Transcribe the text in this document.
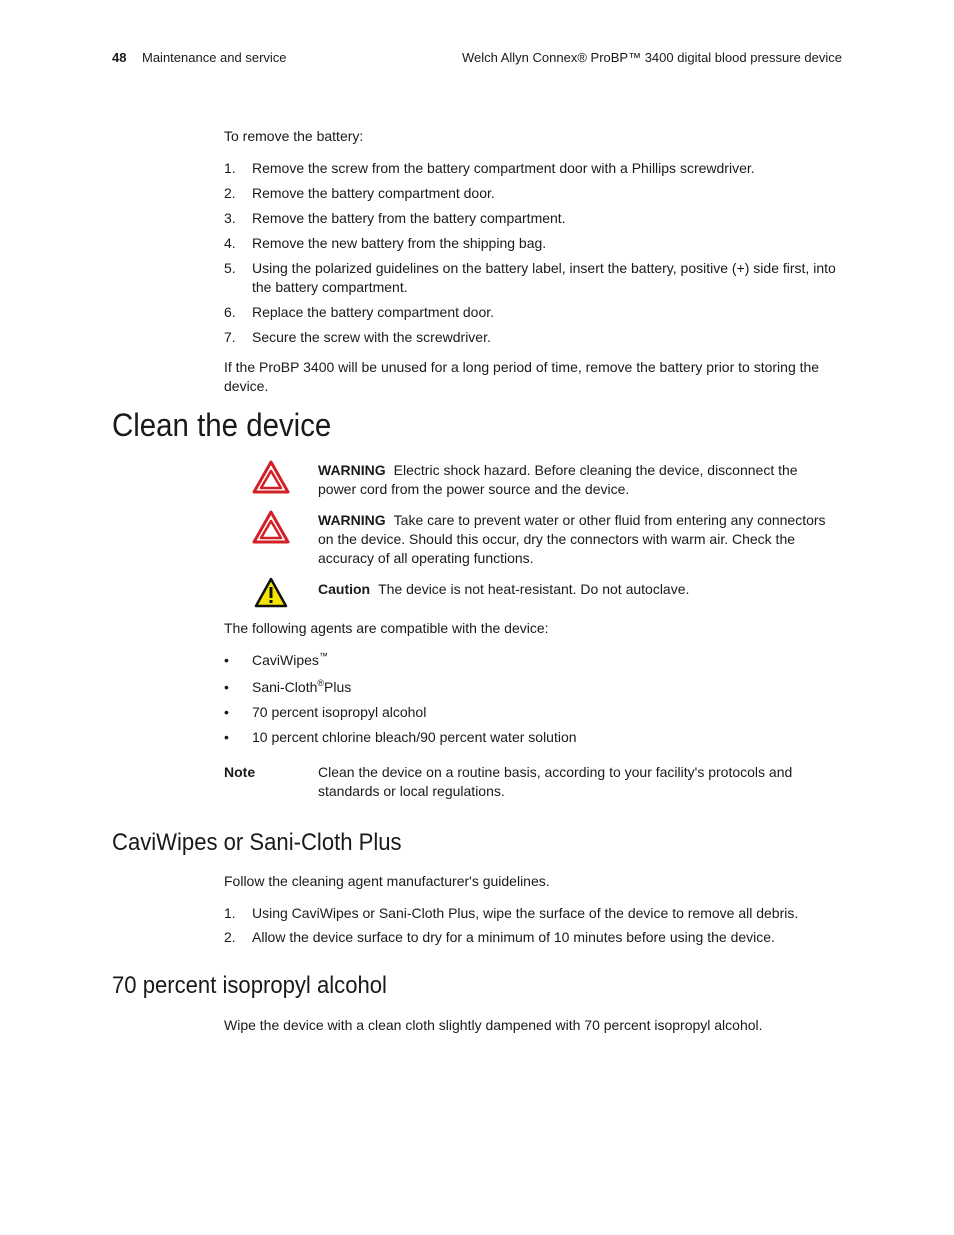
48 Maintenance and service	Welch Allyn Connex® ProBP™ 3400 digital blood pressure device
To remove the battery:
1. Remove the screw from the battery compartment door with a Phillips screwdriver.
2. Remove the battery compartment door.
3. Remove the battery from the battery compartment.
4. Remove the new battery from the shipping bag.
5. Using the polarized guidelines on the battery label, insert the battery, positive (+) side first, into the battery compartment.
6. Replace the battery compartment door.
7. Secure the screw with the screwdriver.
If the ProBP 3400 will be unused for a long period of time, remove the battery prior to storing the device.
Clean the device
WARNING Electric shock hazard. Before cleaning the device, disconnect the power cord from the power source and the device.
WARNING Take care to prevent water or other fluid from entering any connectors on the device. Should this occur, dry the connectors with warm air. Check the accuracy of all operating functions.
Caution The device is not heat-resistant. Do not autoclave.
The following agents are compatible with the device:
• CaviWipes™
• Sani-Cloth®Plus
• 70 percent isopropyl alcohol
• 10 percent chlorine bleach/90 percent water solution
Note	Clean the device on a routine basis, according to your facility's protocols and standards or local regulations.
CaviWipes or Sani-Cloth Plus
Follow the cleaning agent manufacturer's guidelines.
1. Using CaviWipes or Sani-Cloth Plus, wipe the surface of the device to remove all debris.
2. Allow the device surface to dry for a minimum of 10 minutes before using the device.
70 percent isopropyl alcohol
Wipe the device with a clean cloth slightly dampened with 70 percent isopropyl alcohol.
